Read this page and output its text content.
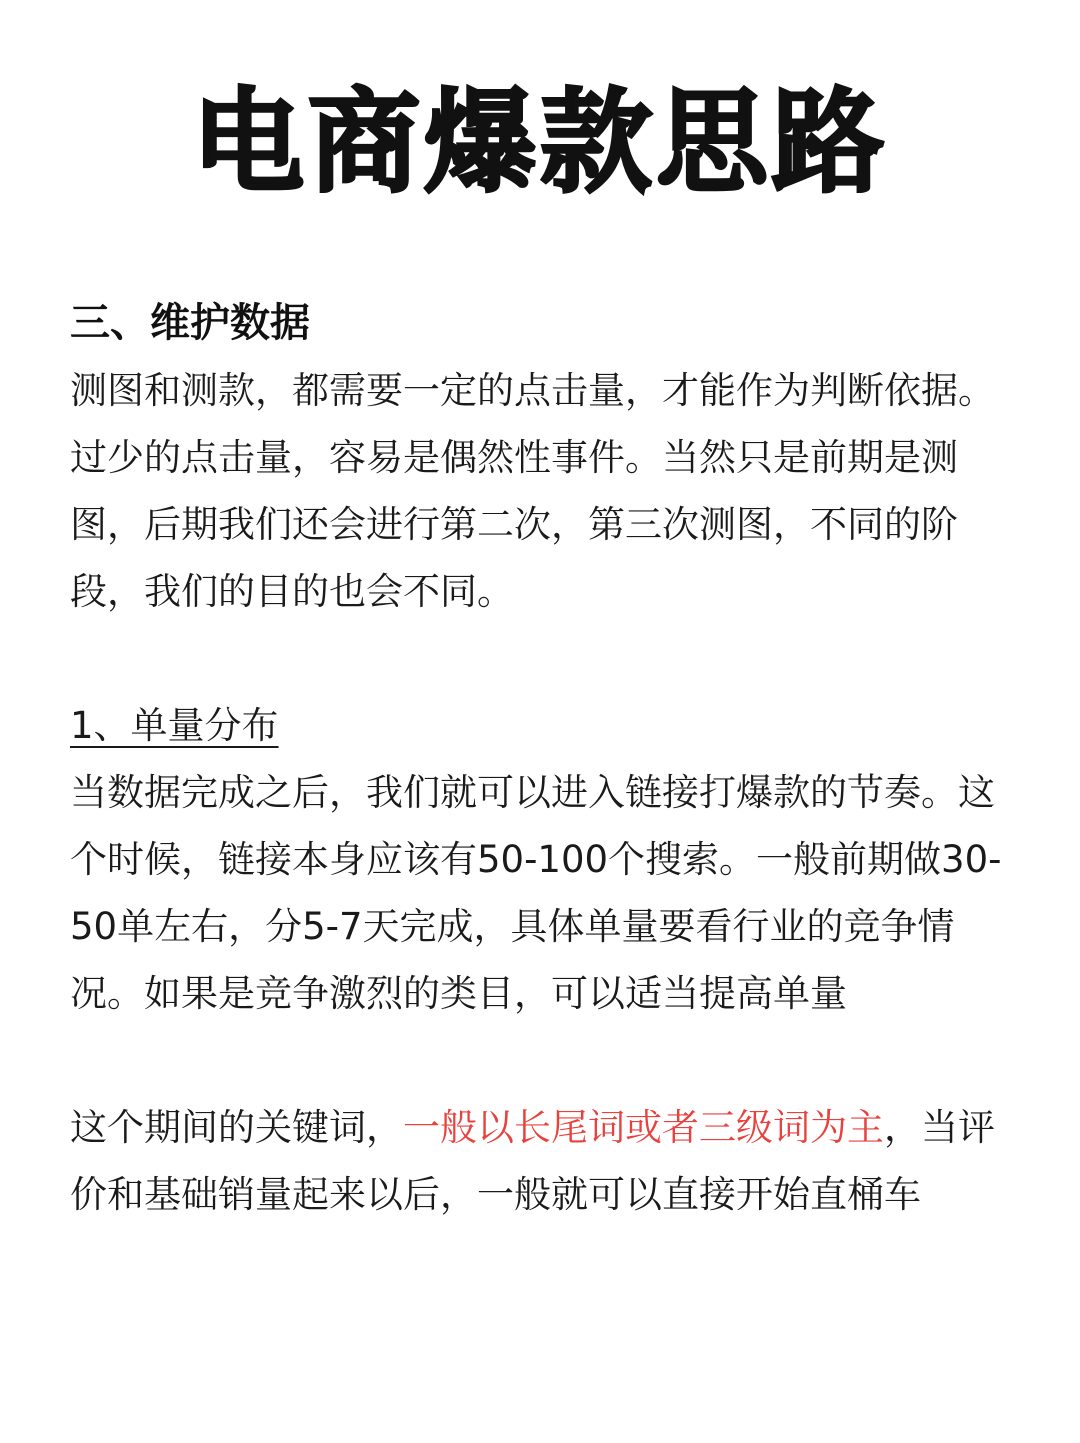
电商爆款思路
三、维护数据

测图和测款，都需要一定的点击量，才能作为判断依据。过少的点击量，容易是偶然性事件。当然只是前期是测图，后期我们还会进行第二次，第三次测图，不同的阶段，我们的目的也会不同。

1、单量分布

当数据完成之后，我们就可以进入链接打爆款的节奏。这个时候，链接本身应该有50-100个搜索。一般前期做30-50单左右，分5-7天完成，具体单量要看行业的竞争情况。如果是竞争激烈的类目，可以适当提高单量

这个期间的关键词，一般以长尾词或者三级词为主，当评价和基础销量起来以后，一般就可以直接开始直桶车
